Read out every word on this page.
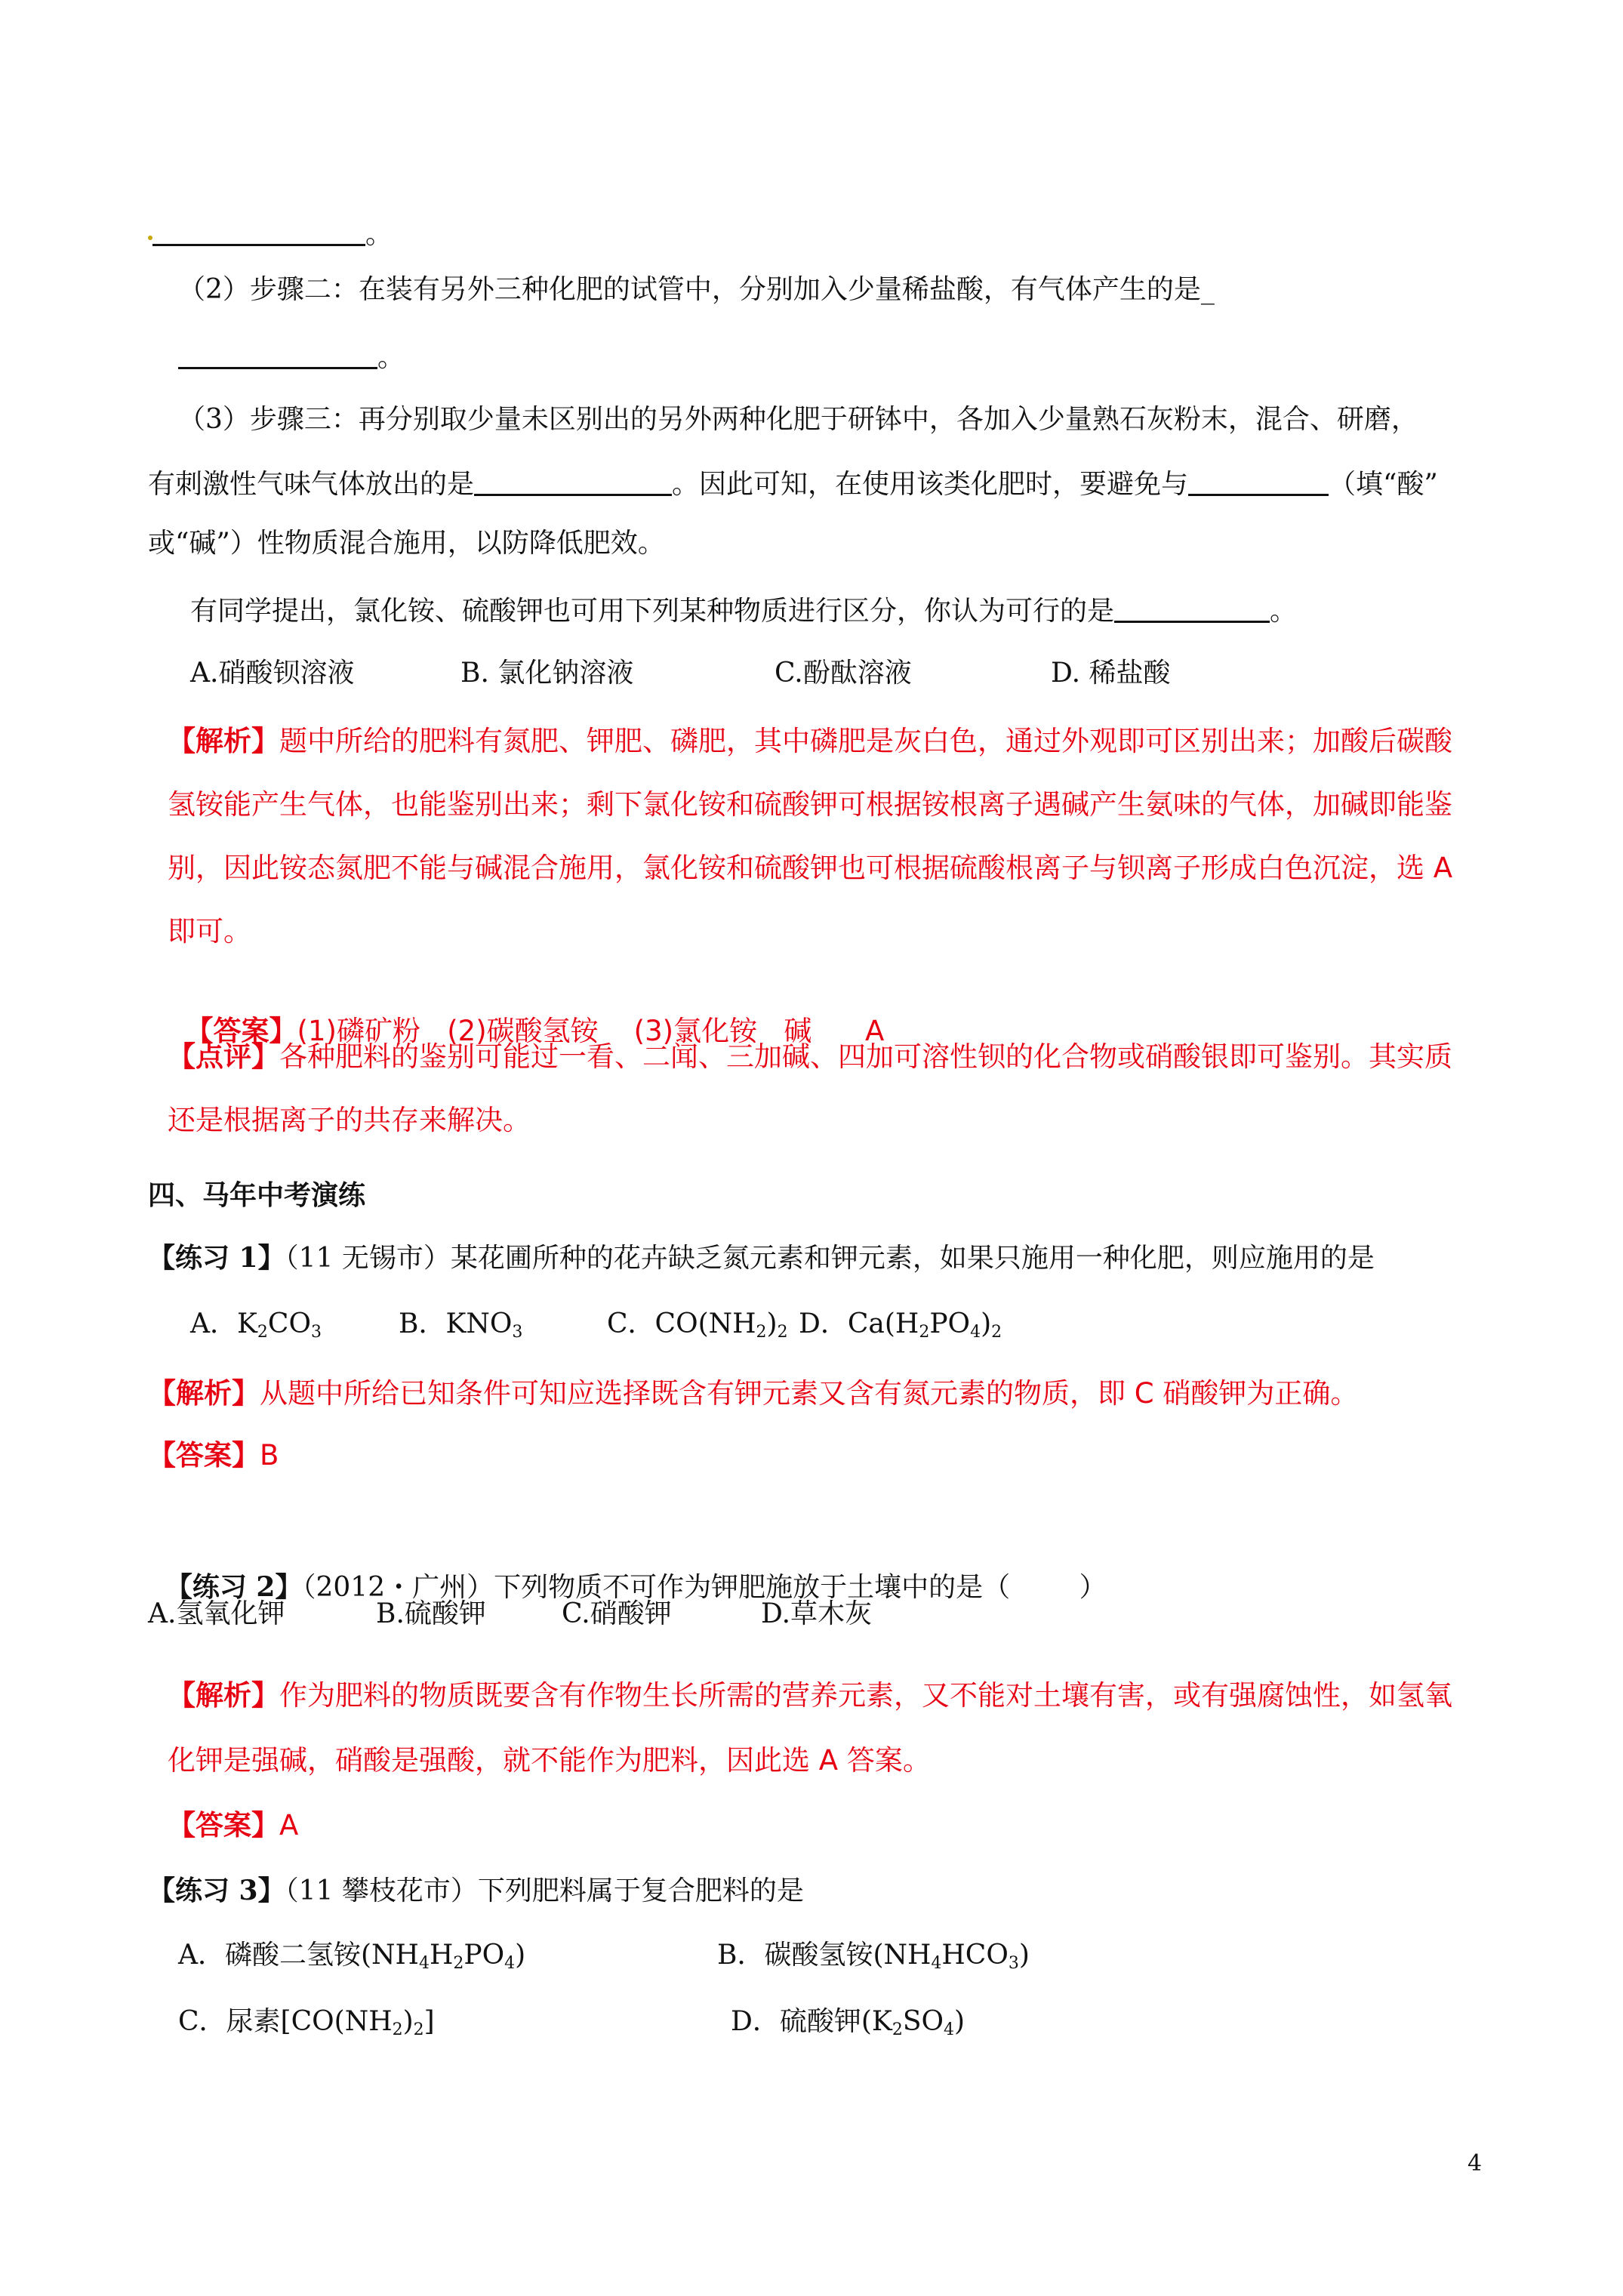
。
（2）步骤二：在装有另外三种化肥的试管中，分别加入少量稀盐酸，有气体产生的是_
。
（3）步骤三：再分别取少量未区别出的另外两种化肥于研钵中，各加入少量熟石灰粉末，混合、研磨，
有刺激性气味气体放出的是	。因此可知，在使用该类化肥时，要避免与	（填“酸”
或“碱”）性物质混合施用，以防降低肥效。
有同学提出，氯化铵、硫酸钾也可用下列某种物质进行区分，你认为可行的是	。
A.硝酸钡溶液	B. 氯化钠溶液	C.酚酞溶液	D. 稀盐酸
【解析】题中所给的肥料有氮肥、钾肥、磷肥，其中磷肥是灰白色，通过外观即可区别出来；加酸后碳酸
氢铵能产生气体，也能鉴别出来；剩下氯化铵和硫酸钾可根据铵根离子遇碱产生氨味的气体，加碱即能鉴
别，因此铵态氮肥不能与碱混合施用，氯化铵和硫酸钾也可根据硫酸根离子与钡离子形成白色沉淀，选 A
即可。

【答案】(1)磷矿粉   (2)碳酸氢铵    (3)氯化铵   碱      A

【点评】各种肥料的鉴别可能过一看、二闻、三加碱、四加可溶性钡的化合物或硝酸银即可鉴别。其实质
还是根据离子的共存来解决。
四、马年中考演练
【练习 1】（11 无锡市）某花圃所种的花卉缺乏氮元素和钾元素，如果只施用一种化肥，则应施用的是
A．$K_2CO_3$	B．$KNO_3$	C．$CO(NH_2)_2$ D．$Ca(H_2PO_4)_2$
【解析】从题中所给已知条件可知应选择既含有钾元素又含有氮元素的物质，即 C 硝酸钾为正确。
【答案】B

【练习 2】（2012・广州）下列物质不可作为钾肥施放于土壤中的是（        ）

A.氢氧化钾	B.硫酸钾	C.硝酸钾	D.草木灰
【解析】作为肥料的物质既要含有作物生长所需的营养元素，又不能对土壤有害，或有强腐蚀性，如氢氧
化钾是强碱，硝酸是强酸，就不能作为肥料，因此选 A 答案。
【答案】A
【练习 3】（11 攀枝花市）下列肥料属于复合肥料的是
A．磷酸二氢铵$(NH_4H_2PO_4)$	B．碳酸氢铵$(NH_4HCO_3)$
C．尿素$[CO(NH_2)_2]$	D．硫酸钾$(K_2SO_4)$
4
